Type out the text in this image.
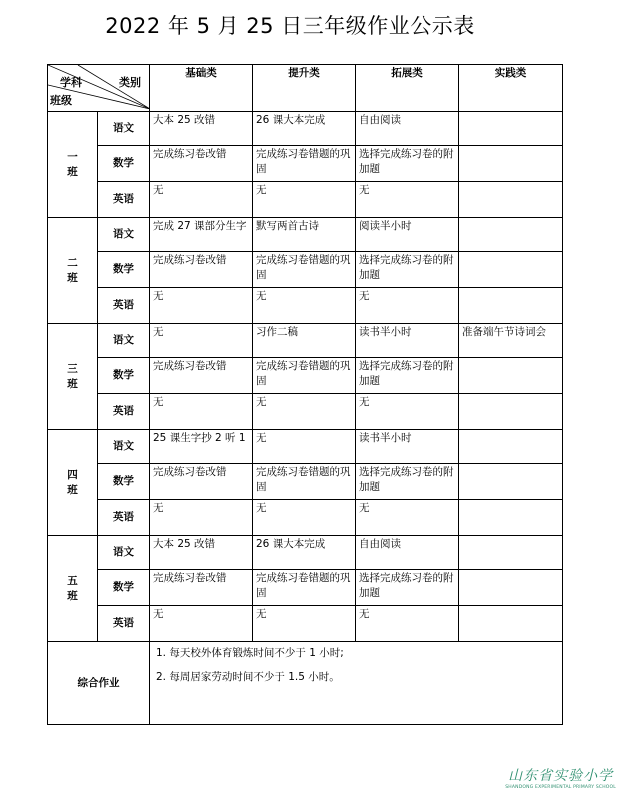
2022 年 5 月 25 日三年级作业公示表
学科 类别
班级		基础类	提升类	拓展类	实践类

一
班	语文	大本 25 改错	26 课大本完成	自由阅读	
	数学	完成练习卷改错	完成练习卷错题的巩固	选择完成练习卷的附加题	
	英语	无	无	无	

二
班	语文	完成 27 课部分生字	默写两首古诗	阅读半小时	
	数学	完成练习卷改错	完成练习卷错题的巩固	选择完成练习卷的附加题	
	英语	无	无	无	

三
班	语文	无	习作二稿	读书半小时	准备端午节诗词会
	数学	完成练习卷改错	完成练习卷错题的巩固	选择完成练习卷的附加题	
	英语	无	无	无	

四
班	语文	25 课生字抄 2 听 1	无	读书半小时	
	数学	完成练习卷改错	完成练习卷错题的巩固	选择完成练习卷的附加题	
	英语	无	无	无	

五
班	语文	大本 25 改错	26 课大本完成	自由阅读	
	数学	完成练习卷改错	完成练习卷错题的巩固	选择完成练习卷的附加题	
	英语	无	无	无	
综合作业		1. 每天校外体育锻炼时间不少于 1 小时;
2. 每周居家劳动时间不少于 1.5 小时。			
山东省实验小学
SHANDONG EXPERIMENTAL PRIMARY SCHOOL
